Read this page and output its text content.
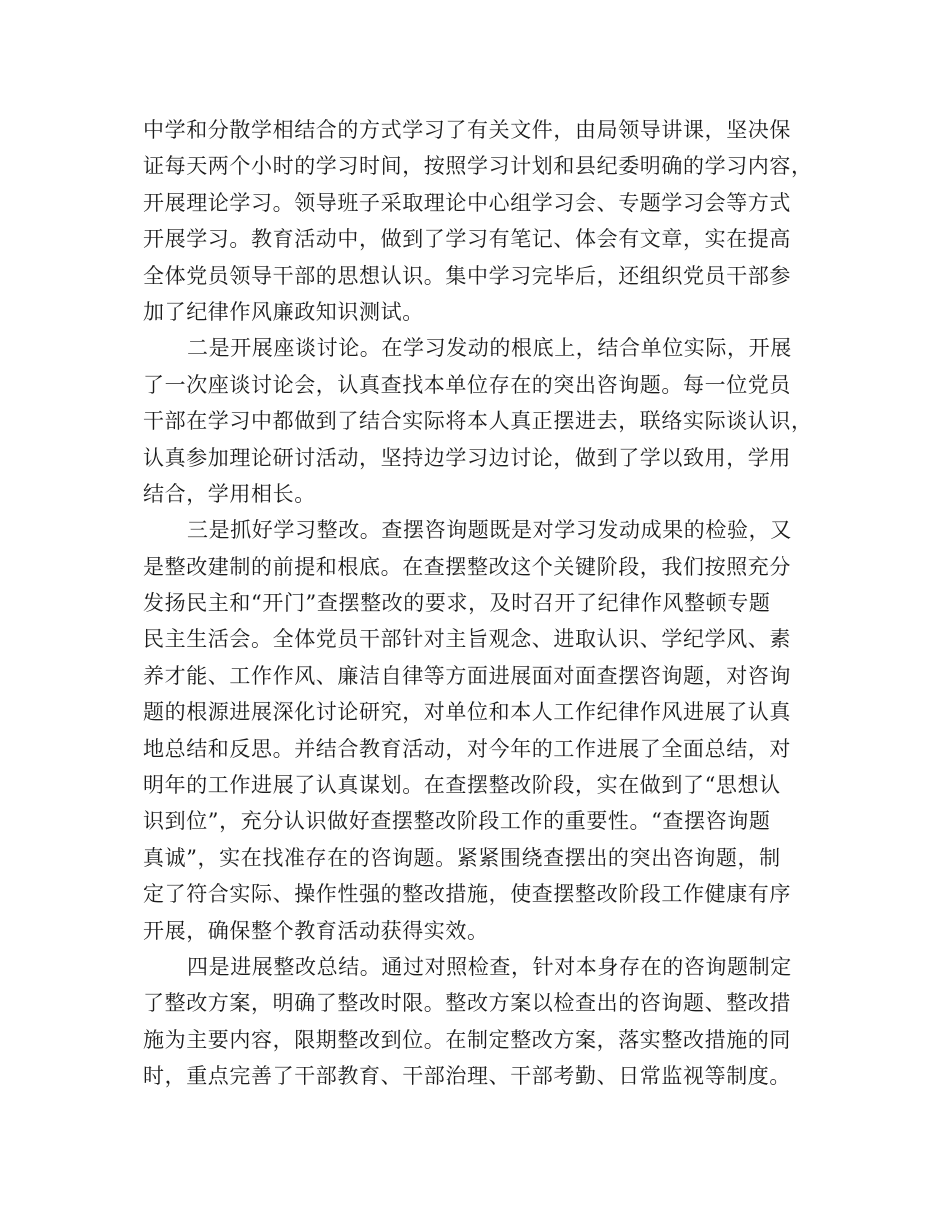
中学和分散学相结合的方式学习了有关文件，由局领导讲课，坚决保
证每天两个小时的学习时间，按照学习计划和县纪委明确的学习内容，
开展理论学习。领导班子采取理论中心组学习会、专题学习会等方式
开展学习。教育活动中，做到了学习有笔记、体会有文章，实在提高
全体党员领导干部的思想认识。集中学习完毕后，还组织党员干部参
加了纪律作风廉政知识测试。
二是开展座谈讨论。在学习发动的根底上，结合单位实际，开展
了一次座谈讨论会，认真查找本单位存在的突出咨询题。每一位党员
干部在学习中都做到了结合实际将本人真正摆进去，联络实际谈认识，
认真参加理论研讨活动，坚持边学习边讨论，做到了学以致用，学用
结合，学用相长。
三是抓好学习整改。查摆咨询题既是对学习发动成果的检验，又
是整改建制的前提和根底。在查摆整改这个关键阶段，我们按照充分
发扬民主和“开门”查摆整改的要求，及时召开了纪律作风整顿专题
民主生活会。全体党员干部针对主旨观念、进取认识、学纪学风、素
养才能、工作作风、廉洁自律等方面进展面对面查摆咨询题，对咨询
题的根源进展深化讨论研究，对单位和本人工作纪律作风进展了认真
地总结和反思。并结合教育活动，对今年的工作进展了全面总结，对
明年的工作进展了认真谋划。在查摆整改阶段，实在做到了“思想认
识到位”，充分认识做好查摆整改阶段工作的重要性。“查摆咨询题
真诚”，实在找准存在的咨询题。紧紧围绕查摆出的突出咨询题，制
定了符合实际、操作性强的整改措施，使查摆整改阶段工作健康有序
开展，确保整个教育活动获得实效。
四是进展整改总结。通过对照检查，针对本身存在的咨询题制定
了整改方案，明确了整改时限。整改方案以检查出的咨询题、整改措
施为主要内容，限期整改到位。在制定整改方案，落实整改措施的同
时，重点完善了干部教育、干部治理、干部考勤、日常监视等制度。
